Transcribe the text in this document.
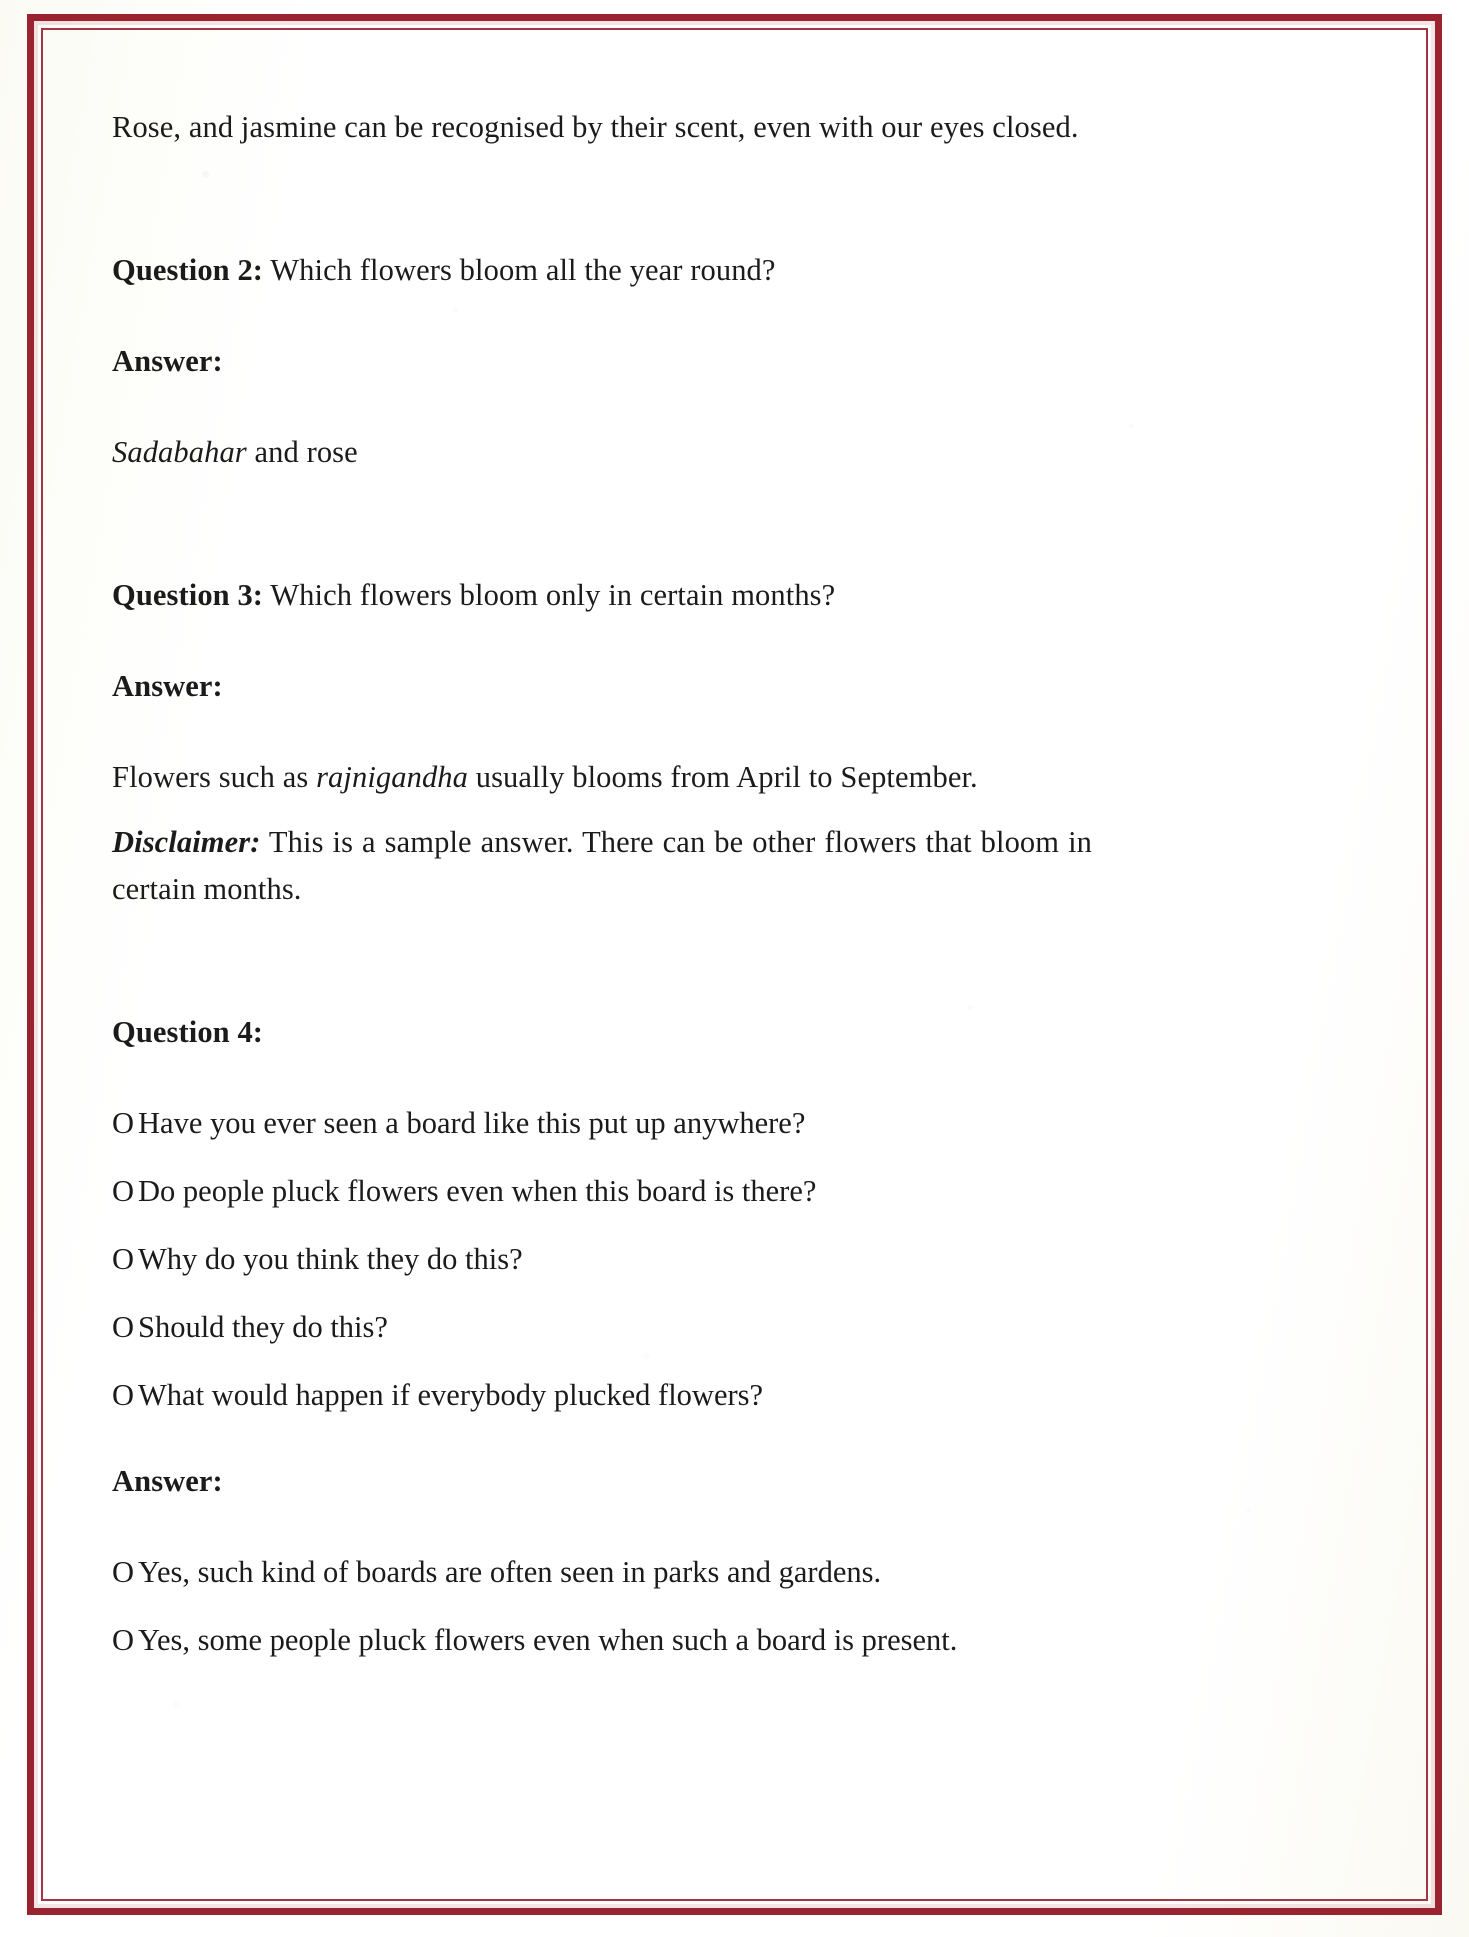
Rose, and jasmine can be recognised by their scent, even with our eyes closed.

Question 2: Which flowers bloom all the year round?

Answer:

Sadabahar and rose

Question 3: Which flowers bloom only in certain months?

Answer:

Flowers such as rajnigandha usually blooms from April to September.

Disclaimer: This is a sample answer. There can be other flowers that bloom in certain months.

Question 4:

O Have you ever seen a board like this put up anywhere?

O Do people pluck flowers even when this board is there?

O Why do you think they do this?

O Should they do this?

O What would happen if everybody plucked flowers?

Answer:

O Yes, such kind of boards are often seen in parks and gardens.

O Yes, some people pluck flowers even when such a board is present.
